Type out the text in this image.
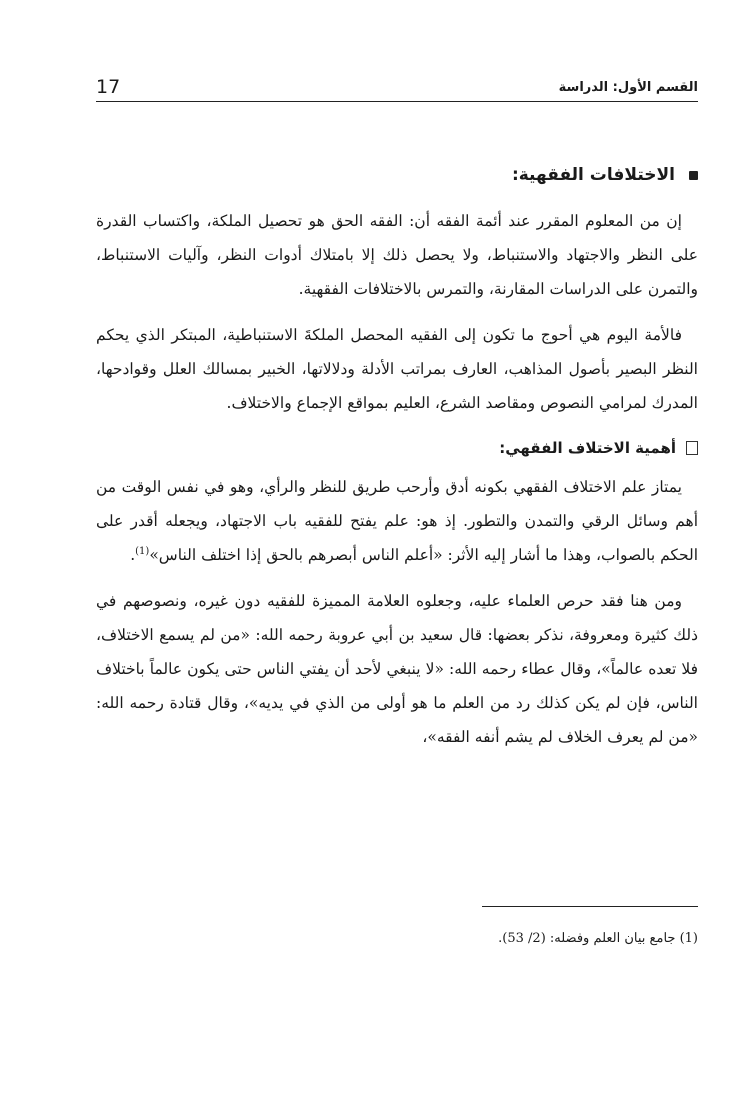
17	القسم الأول: الدراسة
الاختلافات الفقهية:

إن من المعلوم المقرر عند أئمة الفقه أن: الفقه الحق هو تحصيل الملكة، واكتساب القدرة على النظر والاجتهاد والاستنباط، ولا يحصل ذلك إلا بامتلاك أدوات النظر، وآليات الاستنباط، والتمرن على الدراسات المقارنة، والتمرس بالاختلافات الفقهية.

فالأمة اليوم هي أحوج ما تكون إلى الفقيه المحصل الملكةَ الاستنباطية، المبتكر الذي يحكم النظر البصير بأصول المذاهب، العارف بمراتب الأدلة ودلالاتها، الخبير بمسالك العلل وقوادحها، المدرك لمرامي النصوص ومقاصد الشرع، العليم بمواقع الإجماع والاختلاف.

أهمية الاختلاف الفقهي:

يمتاز علم الاختلاف الفقهي بكونه أدق وأرحب طريق للنظر والرأي، وهو في نفس الوقت من أهم وسائل الرقي والتمدن والتطور. إذ هو: علم يفتح للفقيه باب الاجتهاد، ويجعله أقدر على الحكم بالصواب، وهذا ما أشار إليه الأثر: «أعلم الناس أبصرهم بالحق إذا اختلف الناس»$^{(1)}$.

ومن هنا فقد حرص العلماء عليه، وجعلوه العلامة المميزة للفقيه دون غيره، ونصوصهم في ذلك كثيرة ومعروفة، نذكر بعضها: قال سعيد بن أبي عروبة رحمه الله: «من لم يسمع الاختلاف، فلا تعده عالماً»، وقال عطاء رحمه الله: «لا ينبغي لأحد أن يفتي الناس حتى يكون عالماً باختلاف الناس، فإن لم يكن كذلك رد من العلم ما هو أولى من الذي في يديه»، وقال قتادة رحمه الله: «من لم يعرف الخلاف لم يشم أنفه الفقه»،

(1) جامع بيان العلم وفضله: (2/ 53).
